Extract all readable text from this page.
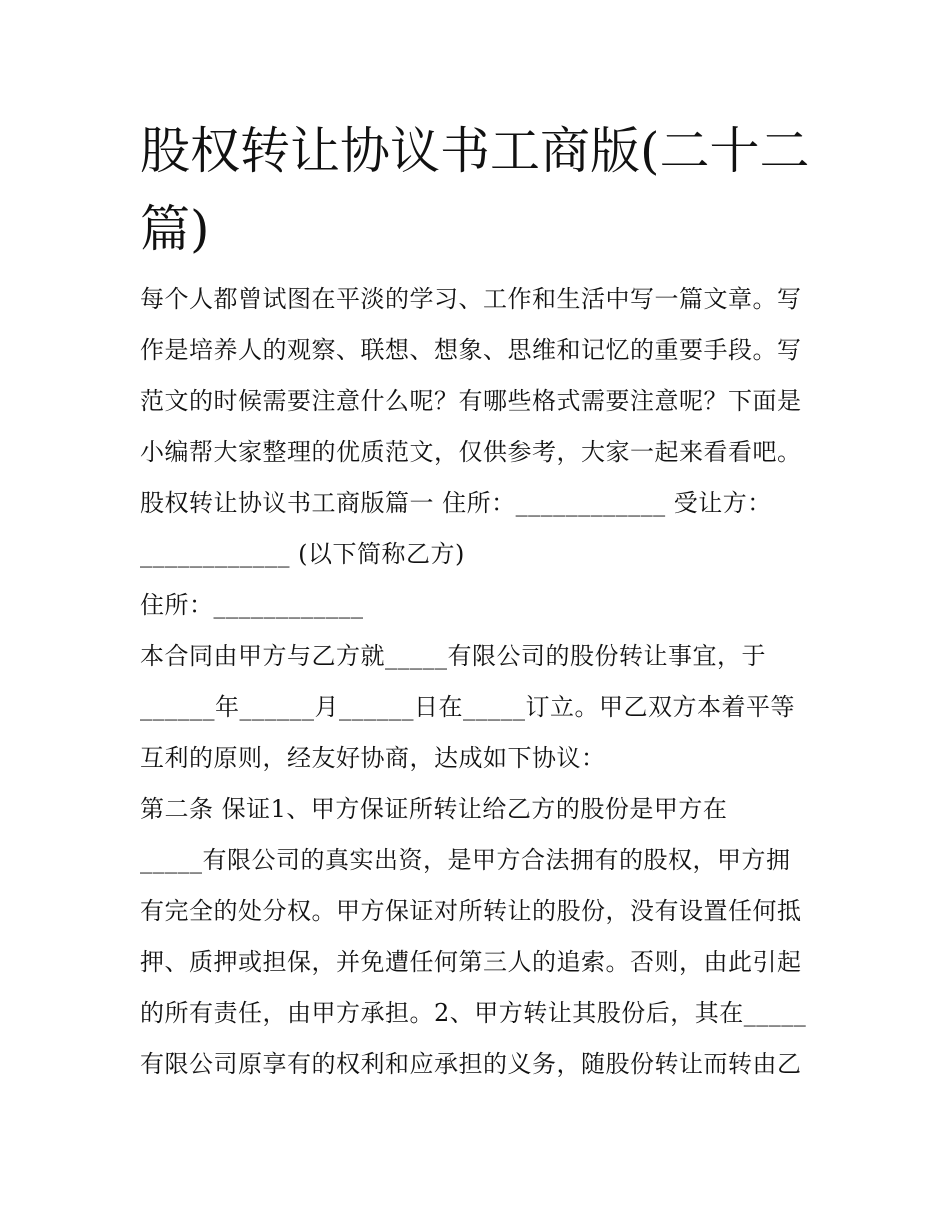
股权转让协议书工商版(二十二
篇)
每个人都曾试图在平淡的学习、工作和生活中写一篇文章。写
作是培养人的观察、联想、想象、思维和记忆的重要手段。写
范文的时候需要注意什么呢？有哪些格式需要注意呢？下面是
小编帮大家整理的优质范文，仅供参考，大家一起来看看吧。
股权转让协议书工商版篇一 住所：____________ 受让方：
____________ (以下简称乙方)
住所：____________
本合同由甲方与乙方就_____有限公司的股份转让事宜，于
______年______月______日在_____订立。甲乙双方本着平等
互利的原则，经友好协商，达成如下协议：
第二条 保证1、甲方保证所转让给乙方的股份是甲方在
_____有限公司的真实出资，是甲方合法拥有的股权，甲方拥
有完全的处分权。甲方保证对所转让的股份，没有设置任何抵
押、质押或担保，并免遭任何第三人的追索。否则，由此引起
的所有责任，由甲方承担。2、甲方转让其股份后，其在_____
有限公司原享有的权利和应承担的义务，随股份转让而转由乙
